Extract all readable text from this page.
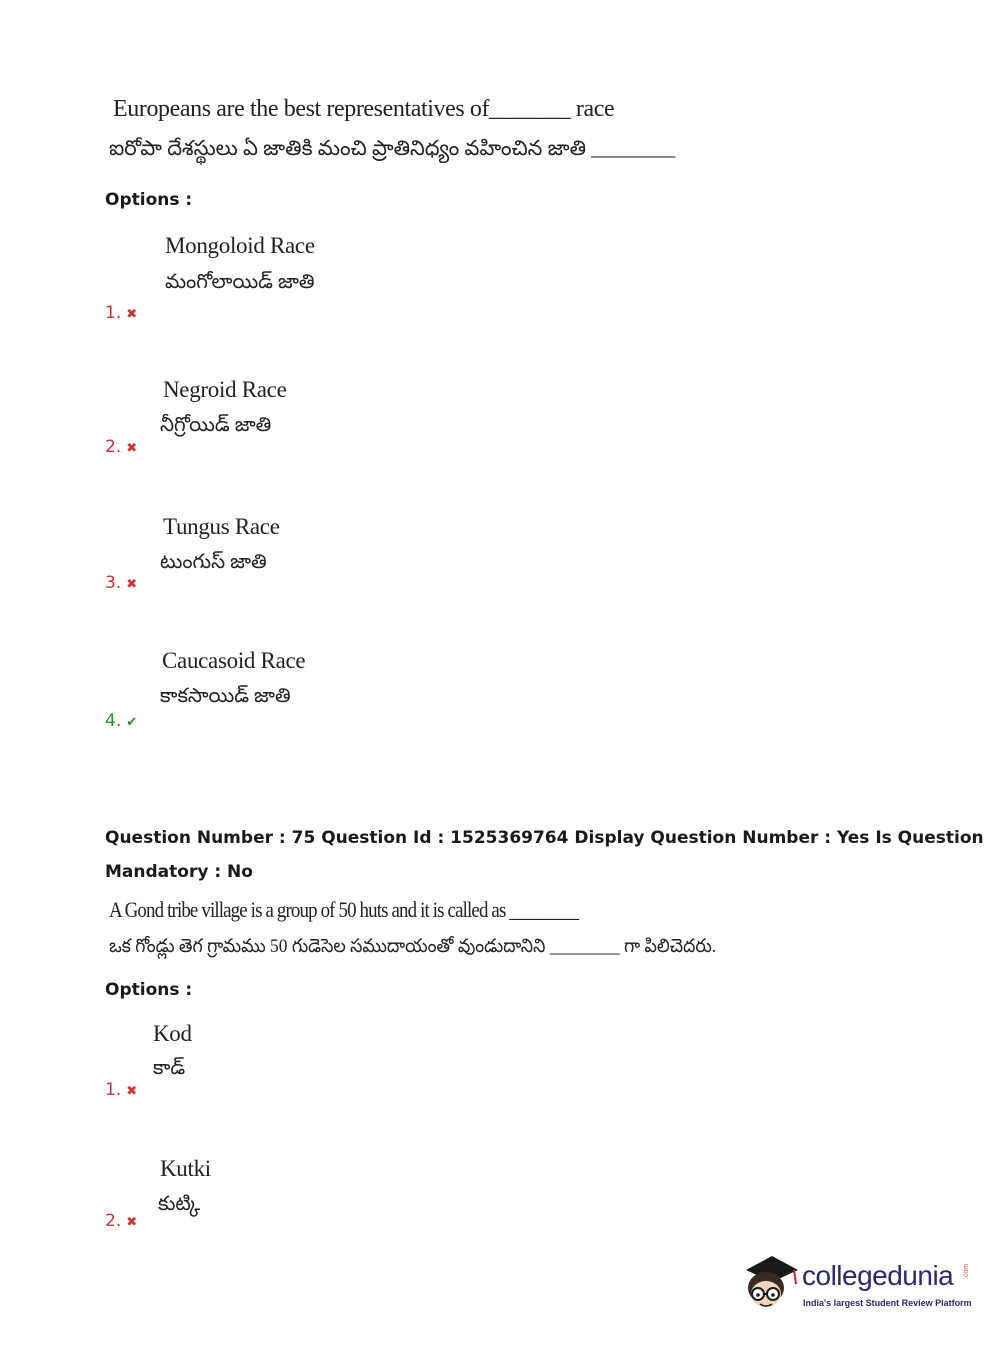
Europeans are the best representatives of_______ race
ఐరోపా దేశస్థులు ఏ జాతికి మంచి ప్రాతినిధ్యం వహించిన జాతి ________
Options :
Mongoloid Race
మంగోలాయిడ్ జాతి
1. ✖
Negroid Race
నీగ్రోయిడ్ జాతి
2. ✖
Tungus Race
టుంగుస్ జాతి
3. ✖
Caucasoid Race
కాకసాయిడ్ జాతి
4. ✔
Question Number : 75 Question Id : 1525369764 Display Question Number : Yes Is Question
Mandatory : No
A Gond tribe village is a group of 50 huts and it is called as ________
ఒక గోండ్లు తెగ గ్రామము 50 గుడెసెల సముదాయంతో వుండుదానిని ________ గా పిలిచెదరు.
Options :
Kod
కాడ్
1. ✖
Kutki
కుట్కి
2. ✖
collegedunia .com
India's largest Student Review Platform
